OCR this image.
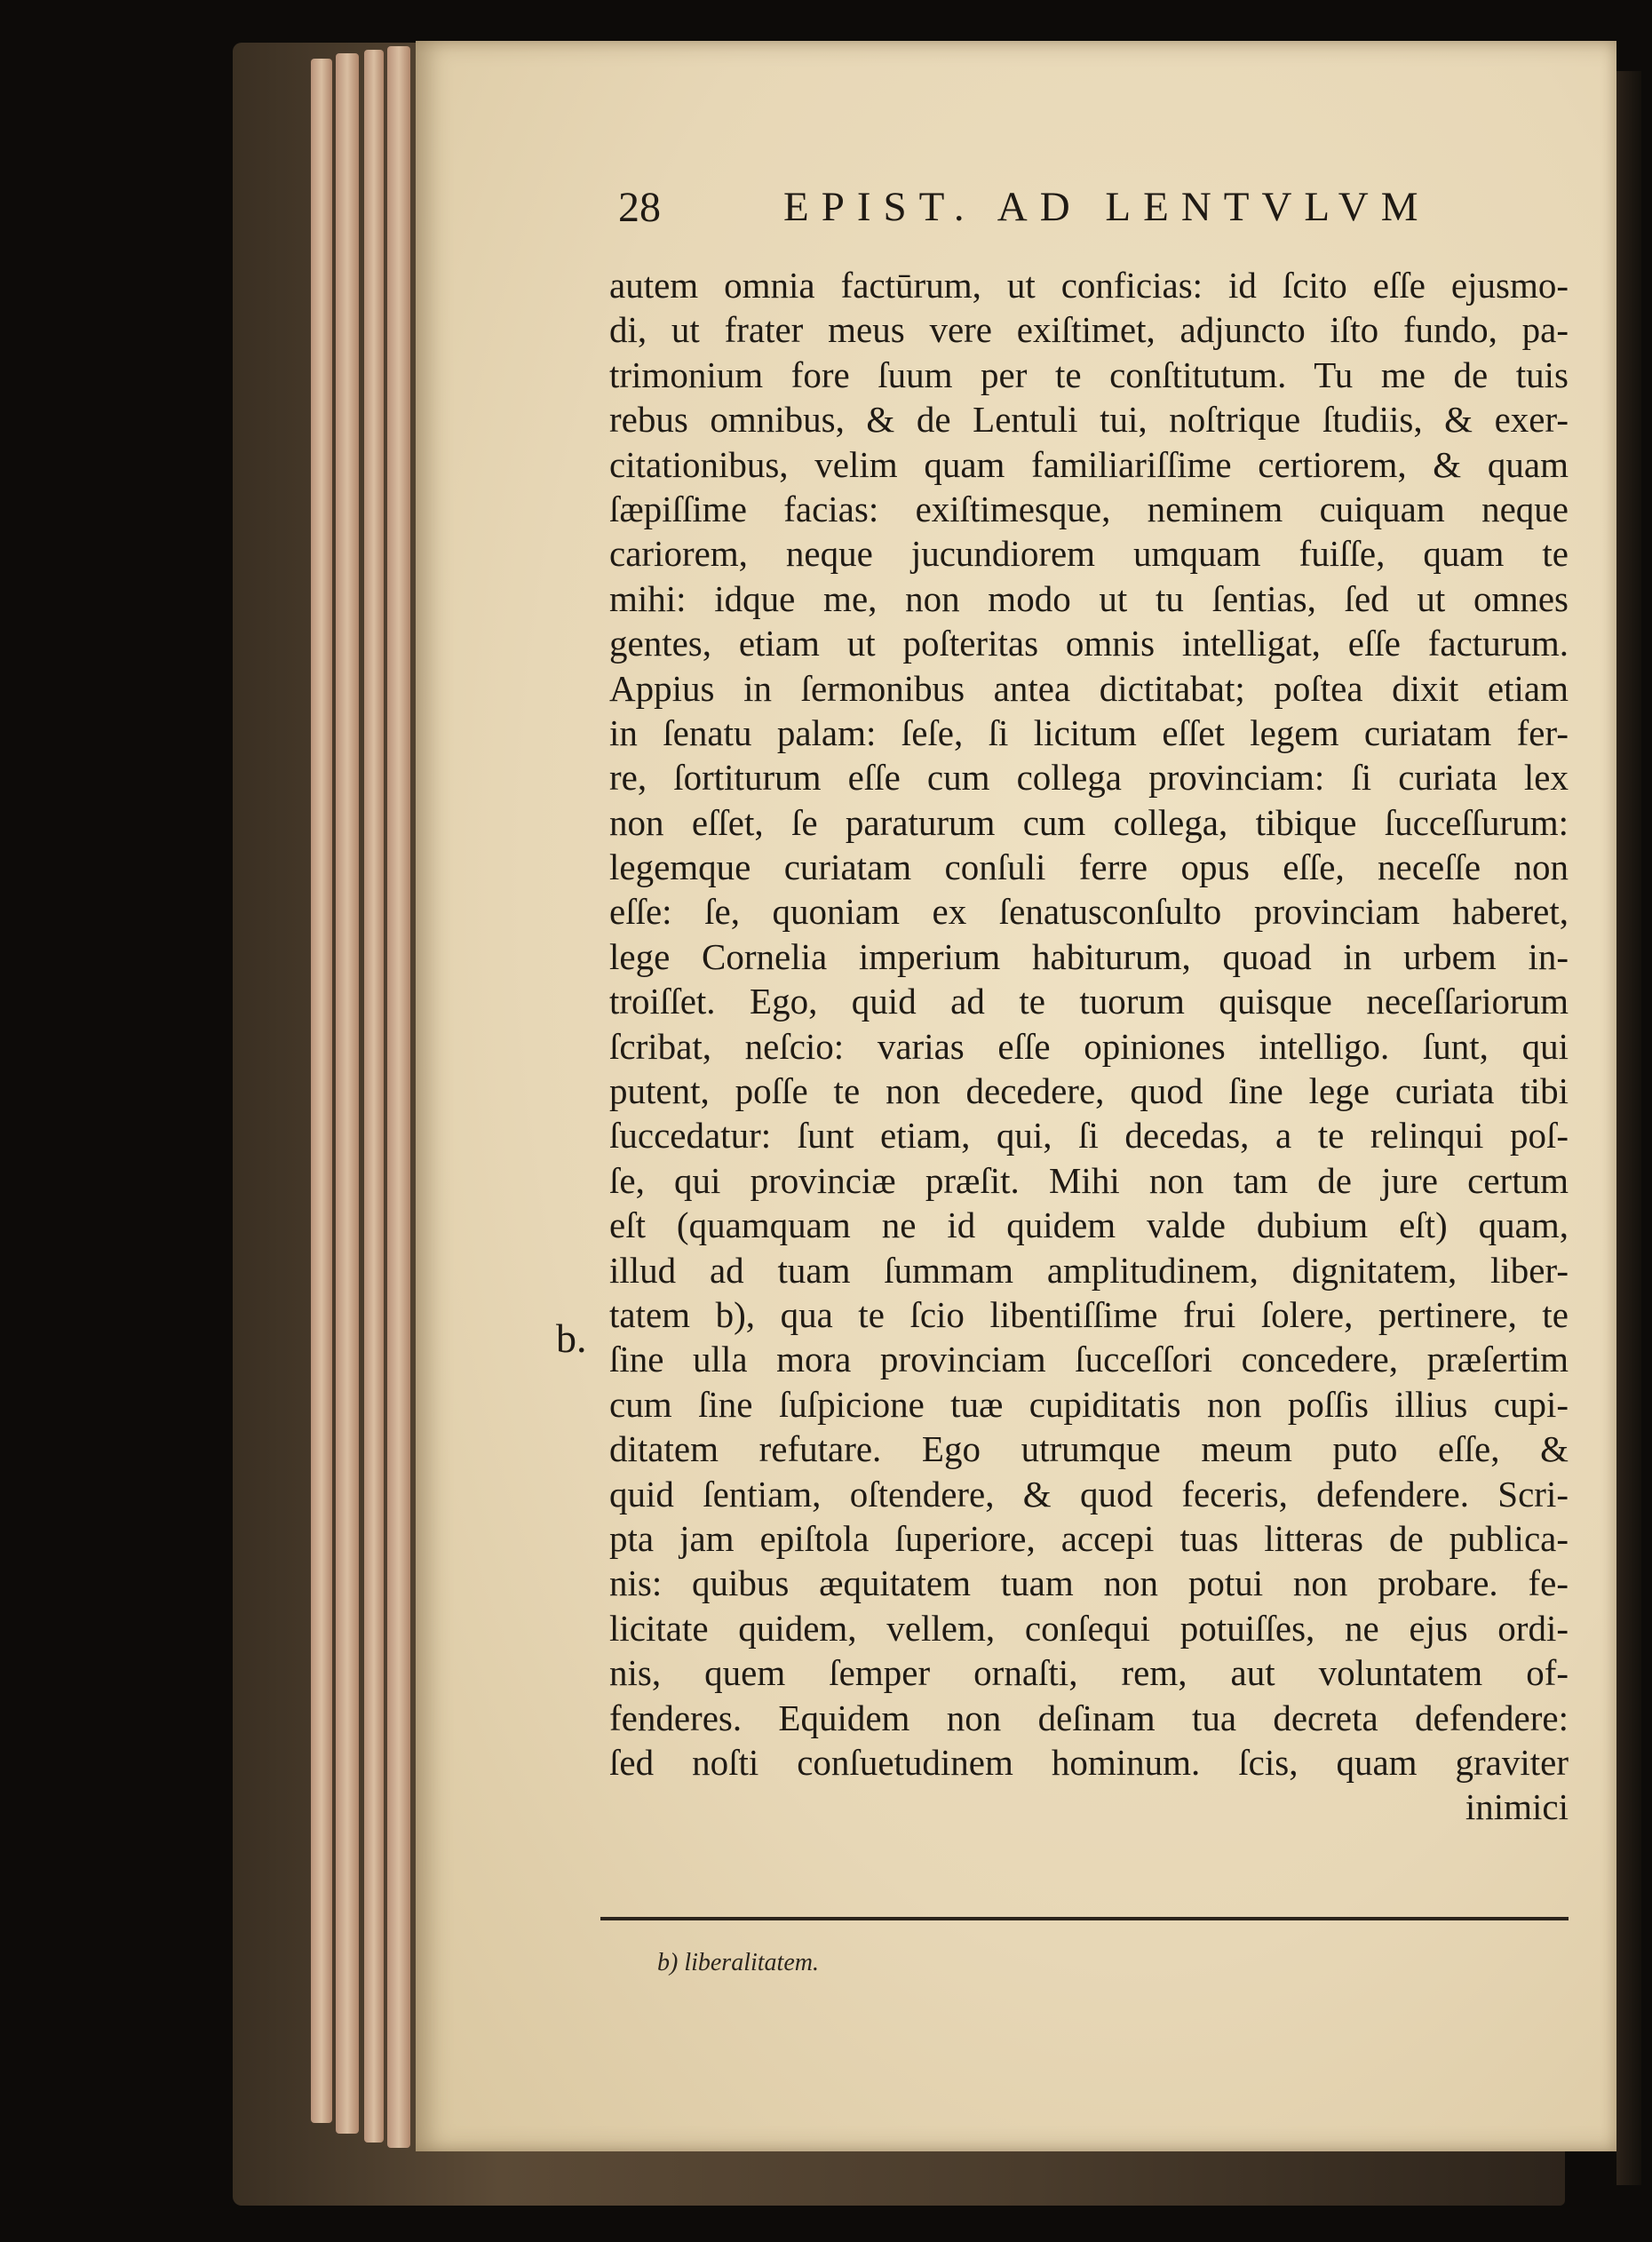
28	EPIST. AD LENTVLVM
b.
autem omnia factūrum, ut conficias: id ſcito eſſe ejusmo-
di, ut frater meus vere exiſtimet, adjuncto iſto fundo, pa-
trimonium fore ſuum per te conſtitutum. Tu me de tuis
rebus omnibus, & de Lentuli tui, noſtrique ſtudiis, & exer-
citationibus, velim quam familiariſſime certiorem, & quam
ſæpiſſime facias: exiſtimesque, neminem cuiquam neque
cariorem, neque jucundiorem umquam fuiſſe, quam te
mihi: idque me, non modo ut tu ſentias, ſed ut omnes
gentes, etiam ut poſteritas omnis intelligat, eſſe facturum.
Appius in ſermonibus antea dictitabat; poſtea dixit etiam
in ſenatu palam: ſeſe, ſi licitum eſſet legem curiatam fer-
re, ſortiturum eſſe cum collega provinciam: ſi curiata lex
non eſſet, ſe paraturum cum collega, tibique ſucceſſurum:
legemque curiatam conſuli ferre opus eſſe, neceſſe non
eſſe: ſe, quoniam ex ſenatusconſulto provinciam haberet,
lege Cornelia imperium habiturum, quoad in urbem in-
troiſſet. Ego, quid ad te tuorum quisque neceſſariorum
ſcribat, neſcio: varias eſſe opiniones intelligo. ſunt, qui
putent, poſſe te non decedere, quod ſine lege curiata tibi
ſuccedatur: ſunt etiam, qui, ſi decedas, a te relinqui poſ-
ſe, qui provinciæ præſit. Mihi non tam de jure certum
eſt (quamquam ne id quidem valde dubium eſt) quam,
illud ad tuam ſummam amplitudinem, dignitatem, liber-
tatem b), qua te ſcio libentiſſime frui ſolere, pertinere, te
ſine ulla mora provinciam ſucceſſori concedere, præſertim
cum ſine ſuſpicione tuæ cupiditatis non poſſis illius cupi-
ditatem refutare. Ego utrumque meum puto eſſe, &
quid ſentiam, oſtendere, & quod feceris, defendere. Scri-
pta jam epiſtola ſuperiore, accepi tuas litteras de publica-
nis: quibus æquitatem tuam non potui non probare. fe-
licitate quidem, vellem, conſequi potuiſſes, ne ejus ordi-
nis, quem ſemper ornaſti, rem, aut voluntatem of-
fenderes. Equidem non deſinam tua decreta defendere:
ſed noſti conſuetudinem hominum. ſcis, quam graviter
inimici
b) liberalitatem.
